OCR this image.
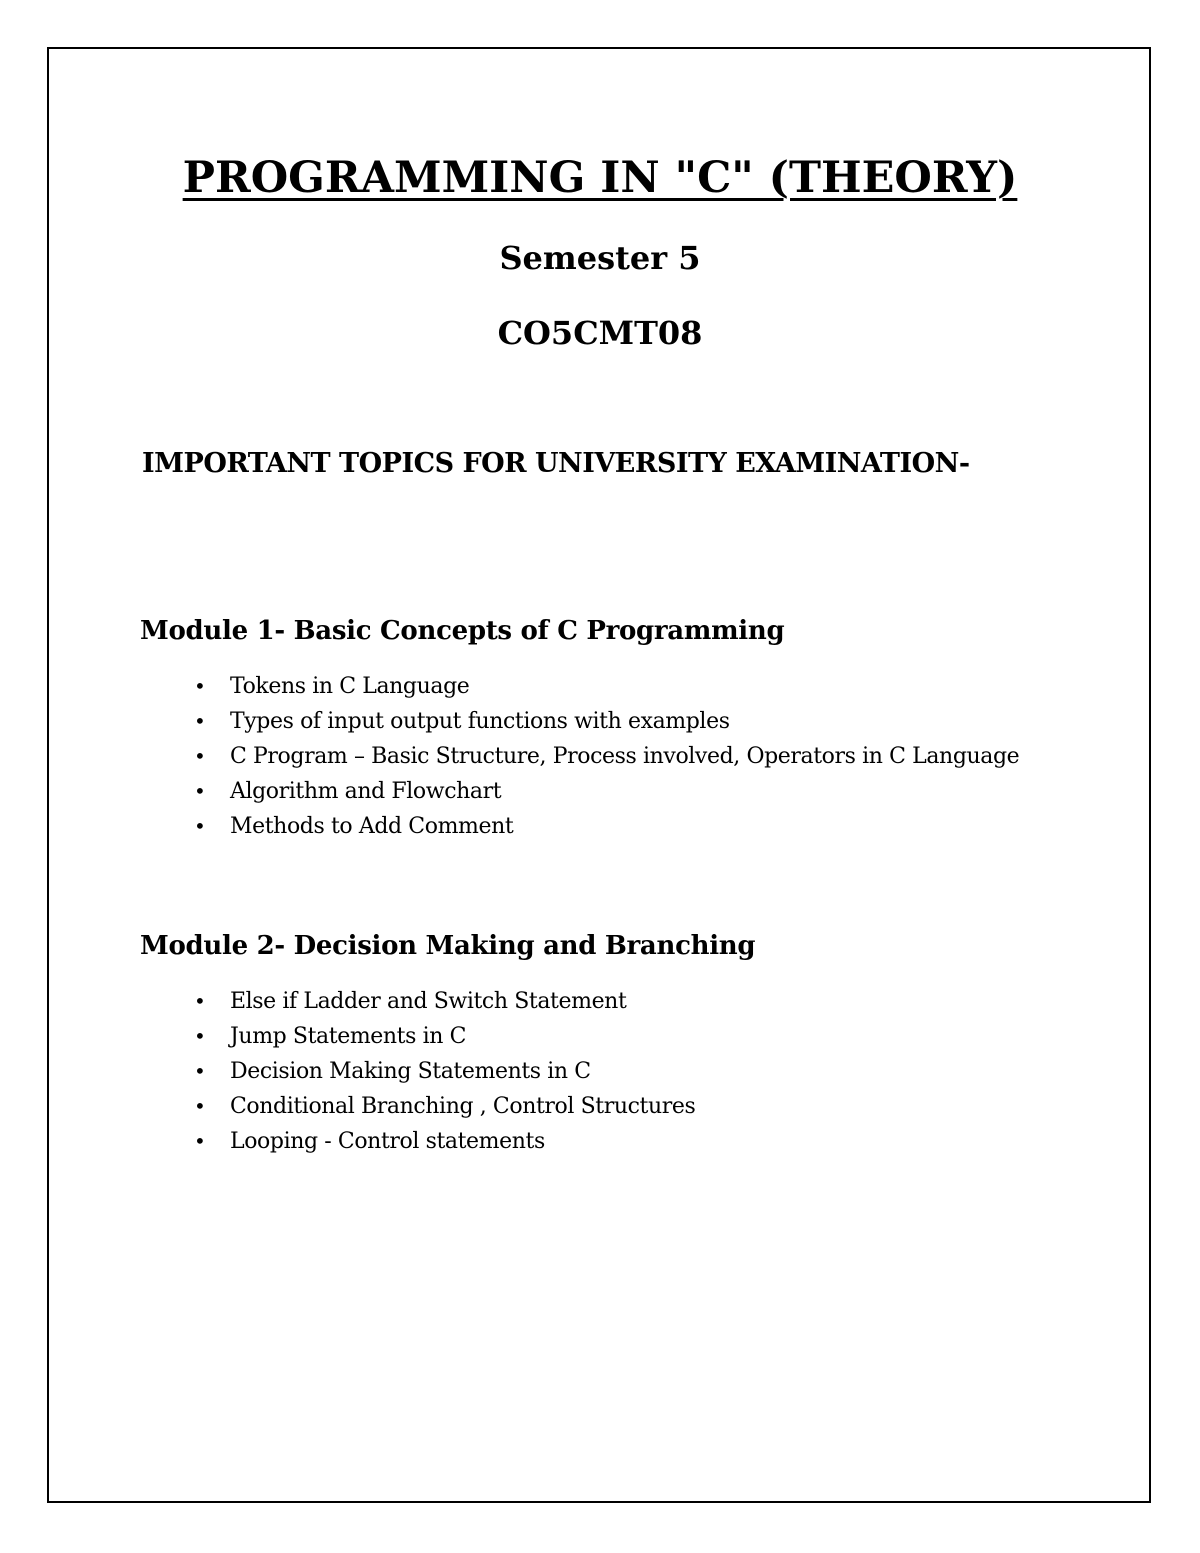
PROGRAMMING IN "C" (THEORY)
Semester 5
CO5CMT08
IMPORTANT TOPICS FOR UNIVERSITY EXAMINATION-
Module 1- Basic Concepts of C Programming
• Tokens in C Language
• Types of input output functions with examples
• C Program – Basic Structure, Process involved, Operators in C Language
• Algorithm and Flowchart
• Methods to Add Comment
Module 2- Decision Making and Branching
• Else if Ladder and Switch Statement
• Jump Statements in C
• Decision Making Statements in C
• Conditional Branching , Control Structures
• Looping - Control statements
